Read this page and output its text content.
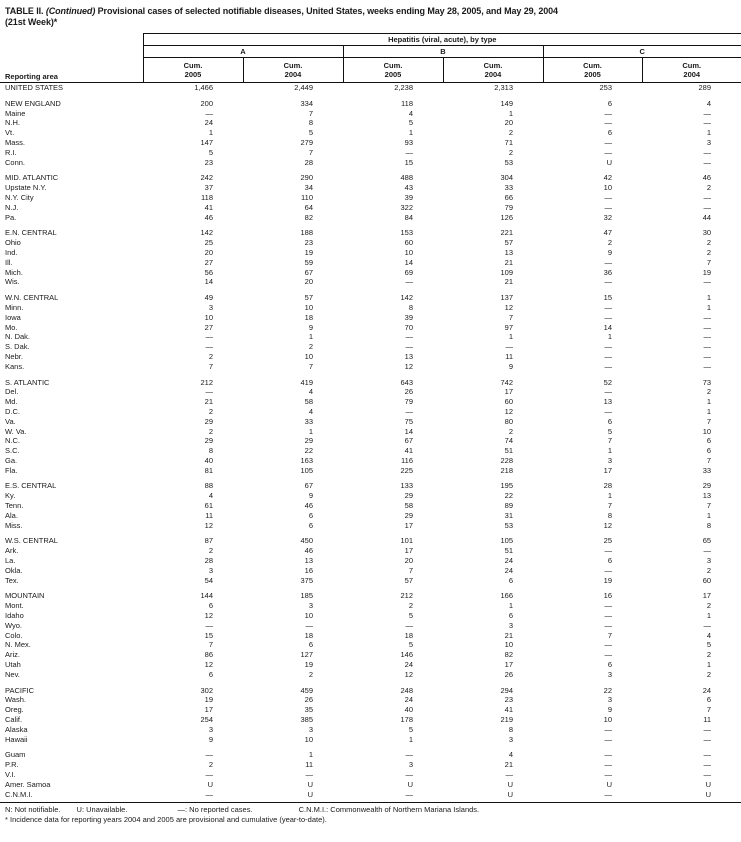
TABLE II. (Continued) Provisional cases of selected notifiable diseases, United States, weeks ending May 28, 2005, and May 29, 2004
(21st Week)*
	Hepatitis (viral, acute), by type					
	A		B		C	
Reporting area	
Cum.
2005

Cum.
2004

Cum.
2005

Cum.
2004

Cum.
2005

Cum.
2004

UNITED STATES	1,466	2,449	2,238	2,313	253	289

NEW ENGLAND	200	334	118	149	6	4
Maine	—	7	4	1	—	—
N.H.	24	8	5	20	—	—
Vt.	1	5	1	2	6	1
Mass.	147	279	93	71	—	3
R.I.	5	7	—	2	—	—
Conn.	23	28	15	53	U	—

MID. ATLANTIC	242	290	488	304	42	46
Upstate N.Y.	37	34	43	33	10	2
N.Y. City	118	110	39	66	—	—
N.J.	41	64	322	79	—	—
Pa.	46	82	84	126	32	44

E.N. CENTRAL	142	188	153	221	47	30
Ohio	25	23	60	57	2	2
Ind.	20	19	10	13	9	2
Ill.	27	59	14	21	—	7
Mich.	56	67	69	109	36	19
Wis.	14	20	—	21	—	—

W.N. CENTRAL	49	57	142	137	15	1
Minn.	3	10	8	12	—	1
Iowa	10	18	39	7	—	—
Mo.	27	9	70	97	14	—
N. Dak.	—	1	—	1	1	—
S. Dak.	—	2	—	—	—	—
Nebr.	2	10	13	11	—	—
Kans.	7	7	12	9	—	—

S. ATLANTIC	212	419	643	742	52	73
Del.	—	4	26	17	—	2
Md.	21	58	79	60	13	1
D.C.	2	4	—	12	—	1
Va.	29	33	75	80	6	7
W. Va.	2	1	14	2	5	10
N.C.	29	29	67	74	7	6
S.C.	8	22	41	51	1	6
Ga.	40	163	116	228	3	7
Fla.	81	105	225	218	17	33

E.S. CENTRAL	88	67	133	195	28	29
Ky.	4	9	29	22	1	13
Tenn.	61	46	58	89	7	7
Ala.	11	6	29	31	8	1
Miss.	12	6	17	53	12	8

W.S. CENTRAL	87	450	101	105	25	65
Ark.	2	46	17	51	—	—
La.	28	13	20	24	6	3
Okla.	3	16	7	24	—	2
Tex.	54	375	57	6	19	60

MOUNTAIN	144	185	212	166	16	17
Mont.	6	3	2	1	—	2
Idaho	12	10	5	6	—	1
Wyo.	—	—	—	3	—	—
Colo.	15	18	18	21	7	4
N. Mex.	7	6	5	10	—	5
Ariz.	86	127	146	82	—	2
Utah	12	19	24	17	6	1
Nev.	6	2	12	26	3	2

PACIFIC	302	459	248	294	22	24
Wash.	19	26	24	23	3	6
Oreg.	17	35	40	41	9	7
Calif.	254	385	178	219	10	11
Alaska	3	3	5	8	—	—
Hawaii	9	10	1	3	—	—

Guam	—	1	—	4	—	—
P.R.	2	11	3	21	—	—
V.I.	—	—	—	—	—	—
Amer. Samoa	U	U	U	U	U	U
C.N.M.I.	—	U	—	U	—	U
N: Not notifiable. U: Unavailable.	—: No reported cases.	C.N.M.I.: Commonwealth of Northern Mariana Islands.
* Incidence data for reporting years 2004 and 2005 are provisional and cumulative (year-to-date).
